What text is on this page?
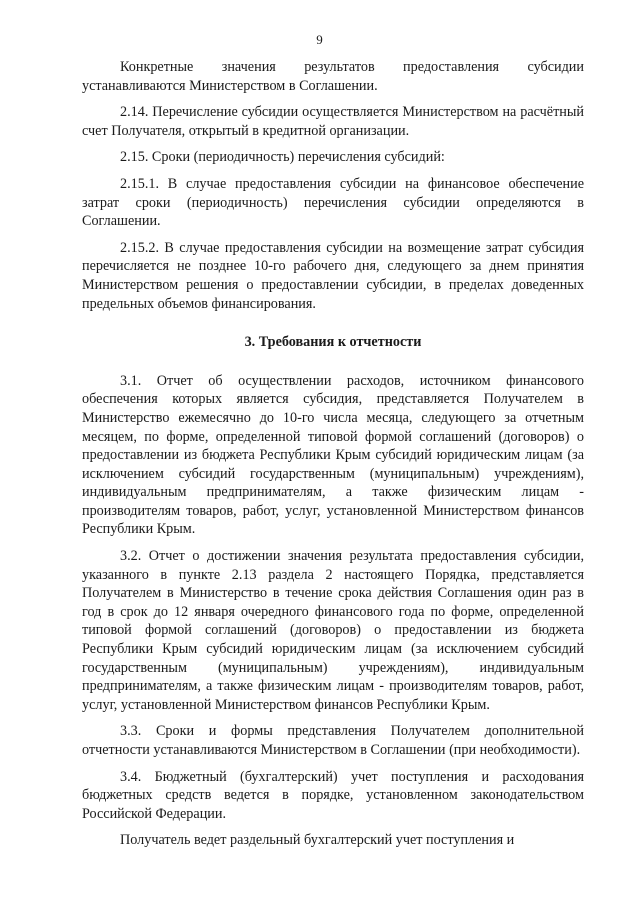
9

Конкретные значения результатов предоставления субсидии устанавливаются Министерством в Соглашении.

2.14. Перечисление субсидии осуществляется Министерством на расчётный счет Получателя, открытый в кредитной организации.

2.15. Сроки (периодичность) перечисления субсидий:

2.15.1. В случае предоставления субсидии на финансовое обеспечение затрат сроки (периодичность) перечисления субсидии определяются в Соглашении.

2.15.2. В случае предоставления субсидии на возмещение затрат субсидия перечисляется не позднее 10-го рабочего дня, следующего за днем принятия Министерством решения о предоставлении субсидии, в пределах доведенных предельных объемов финансирования.

3. Требования к отчетности

3.1. Отчет об осуществлении расходов, источником финансового обеспечения которых является субсидия, представляется Получателем в Министерство ежемесячно до 10-го числа месяца, следующего за отчетным месяцем, по форме, определенной типовой формой соглашений (договоров) о предоставлении из бюджета Республики Крым субсидий юридическим лицам (за исключением субсидий государственным (муниципальным) учреждениям), индивидуальным предпринимателям, а также физическим лицам - производителям товаров, работ, услуг, установленной Министерством финансов Республики Крым.

3.2. Отчет о достижении значения результата предоставления субсидии, указанного в пункте 2.13 раздела 2 настоящего Порядка, представляется Получателем в Министерство в течение срока действия Соглашения один раз в год в срок до 12 января очередного финансового года по форме, определенной типовой формой соглашений (договоров) о предоставлении из бюджета Республики Крым субсидий юридическим лицам (за исключением субсидий государственным (муниципальным) учреждениям), индивидуальным предпринимателям, а также физическим лицам - производителям товаров, работ, услуг, установленной Министерством финансов Республики Крым.

3.3. Сроки и формы представления Получателем дополнительной отчетности устанавливаются Министерством в Соглашении (при необходимости).

3.4. Бюджетный (бухгалтерский) учет поступления и расходования бюджетных средств ведется в порядке, установленном законодательством Российской Федерации.

Получатель ведет раздельный бухгалтерский учет поступления и
